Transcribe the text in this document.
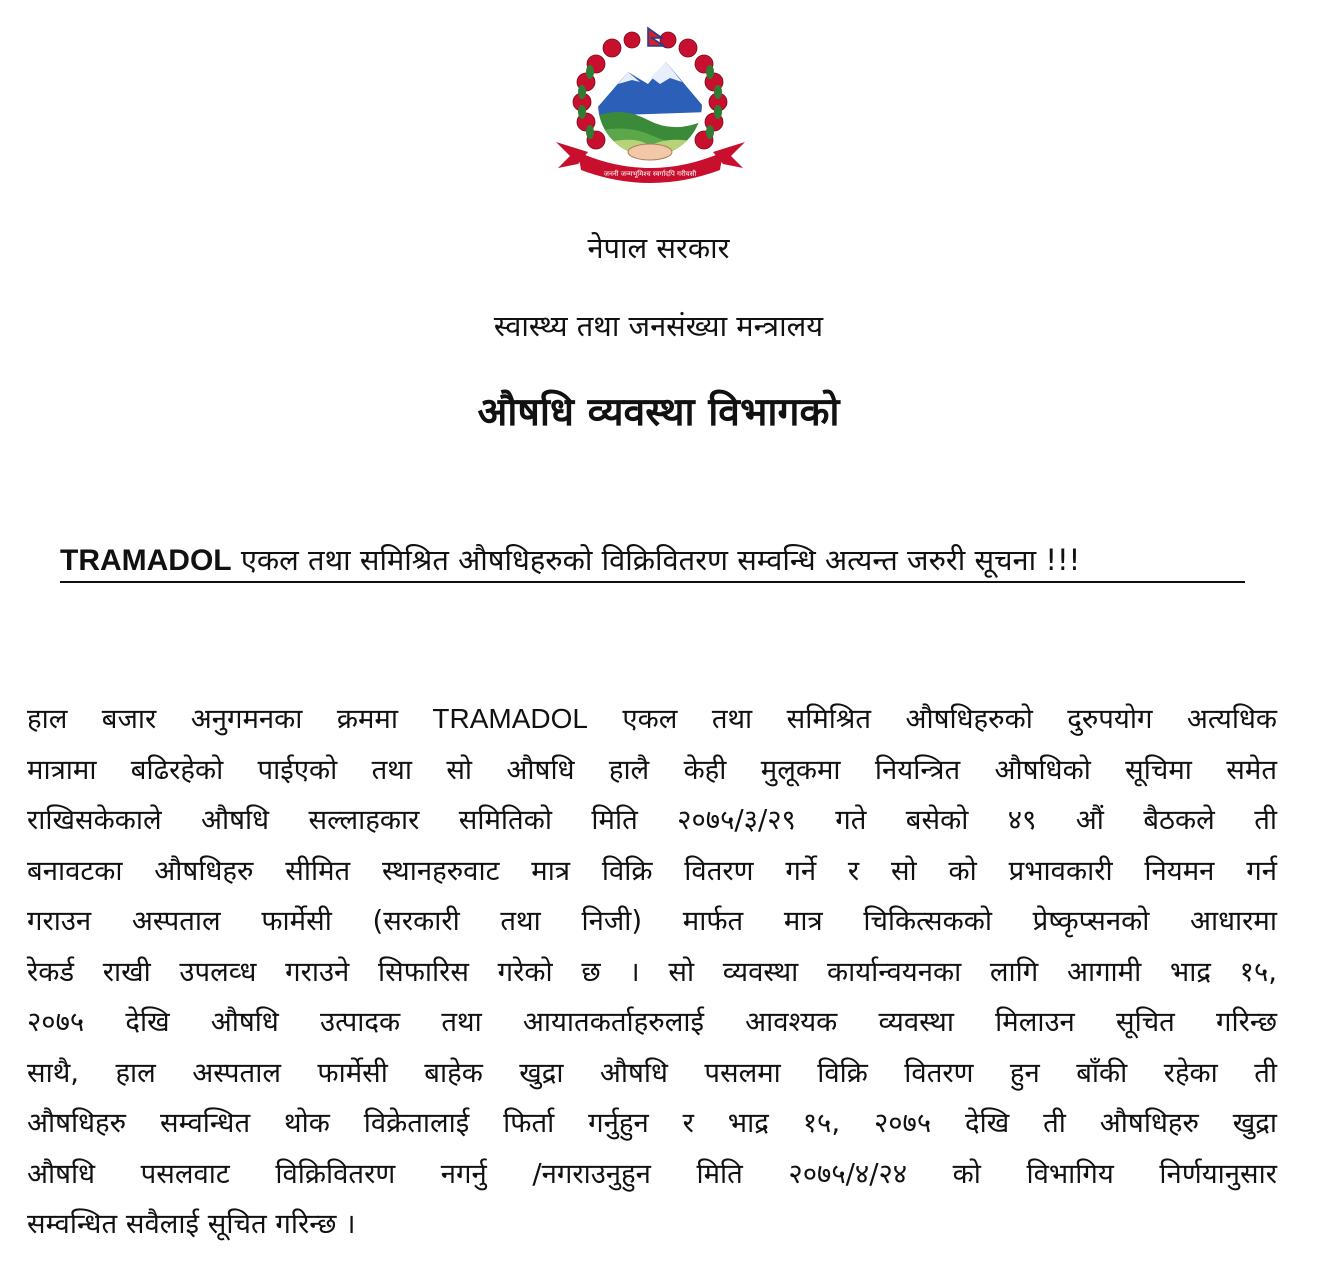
जननी जन्मभूमिश्च स्वर्गादपि गरीयसी
नेपाल सरकार
स्वास्थ्य तथा जनसंख्या मन्त्रालय
औषधि व्यवस्था विभागको
TRAMADOL एकल तथा समिश्रित औषधिहरुको विक्रिवितरण सम्वन्धि अत्यन्त जरुरी सूचना !!!
हाल बजार अनुगमनका क्रममा TRAMADOL एकल तथा समिश्रित औषधिहरुको दुरुपयोग अत्यधिक
मात्रामा बढिरहेको पाईएको तथा सो औषधि हालै केही मुलूकमा नियन्त्रित औषधिको सूचिमा समेत
राखिसकेकाले औषधि सल्लाहकार समितिको मिति २०७५/३/२९ गते बसेको ४९ औं बैठकले ती
बनावटका औषधिहरु सीमित स्थानहरुवाट मात्र विक्रि वितरण गर्ने र सो को प्रभावकारी नियमन गर्न
गराउन अस्पताल फार्मेसी (सरकारी तथा निजी) मार्फत मात्र चिकित्सकको प्रेष्कृप्सनको आधारमा
रेकर्ड राखी उपलव्ध गराउने सिफारिस गरेको छ । सो व्यवस्था कार्यान्वयनका लागि आगामी भाद्र १५,
२०७५ देखि औषधि उत्पादक तथा आयातकर्ताहरुलाई आवश्यक व्यवस्था मिलाउन सूचित गरिन्छ
साथै, हाल अस्पताल फार्मेसी बाहेक खुद्रा औषधि पसलमा विक्रि वितरण हुन बाँकी रहेका ती
औषधिहरु सम्वन्धित थोक विक्रेतालाई फिर्ता गर्नुहुन र भाद्र १५, २०७५ देखि ती औषधिहरु खुद्रा
औषधि पसलवाट विक्रिवितरण नगर्नु /नगराउनुहुन मिति २०७५/४/२४ को विभागिय निर्णयानुसार
सम्वन्धित सवैलाई सूचित गरिन्छ ।
